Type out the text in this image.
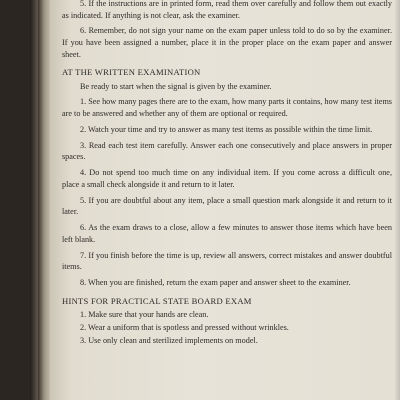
5. If the instructions are in printed form, read them over carefully and follow them out exactly as indicated. If anything is not clear, ask the examiner.

6. Remember, do not sign your name on the exam paper unless told to do so by the examiner. If you have been assigned a number, place it in the proper place on the exam paper and answer sheet.

AT THE WRITTEN EXAMINATION

Be ready to start when the signal is given by the examiner.

1. See how many pages there are to the exam, how many parts it contains, how many test items are to be answered and whether any of them are optional or required.

2. Watch your time and try to answer as many test items as possible within the time limit.

3. Read each test item carefully. Answer each one consecutively and place answers in proper spaces.

4. Do not spend too much time on any individual item. If you come across a difficult one, place a small check alongside it and return to it later.

5. If you are doubtful about any item, place a small question mark alongside it and return to it later.

6. As the exam draws to a close, allow a few minutes to answer those items which have been left blank.

7. If you finish before the time is up, review all answers, correct mistakes and answer doubtful items.

8. When you are finished, return the exam paper and answer sheet to the examiner.

HINTS FOR PRACTICAL STATE BOARD EXAM

1. Make sure that your hands are clean.

2. Wear a uniform that is spotless and pressed without wrinkles.

3. Use only clean and sterilized implements on model.
